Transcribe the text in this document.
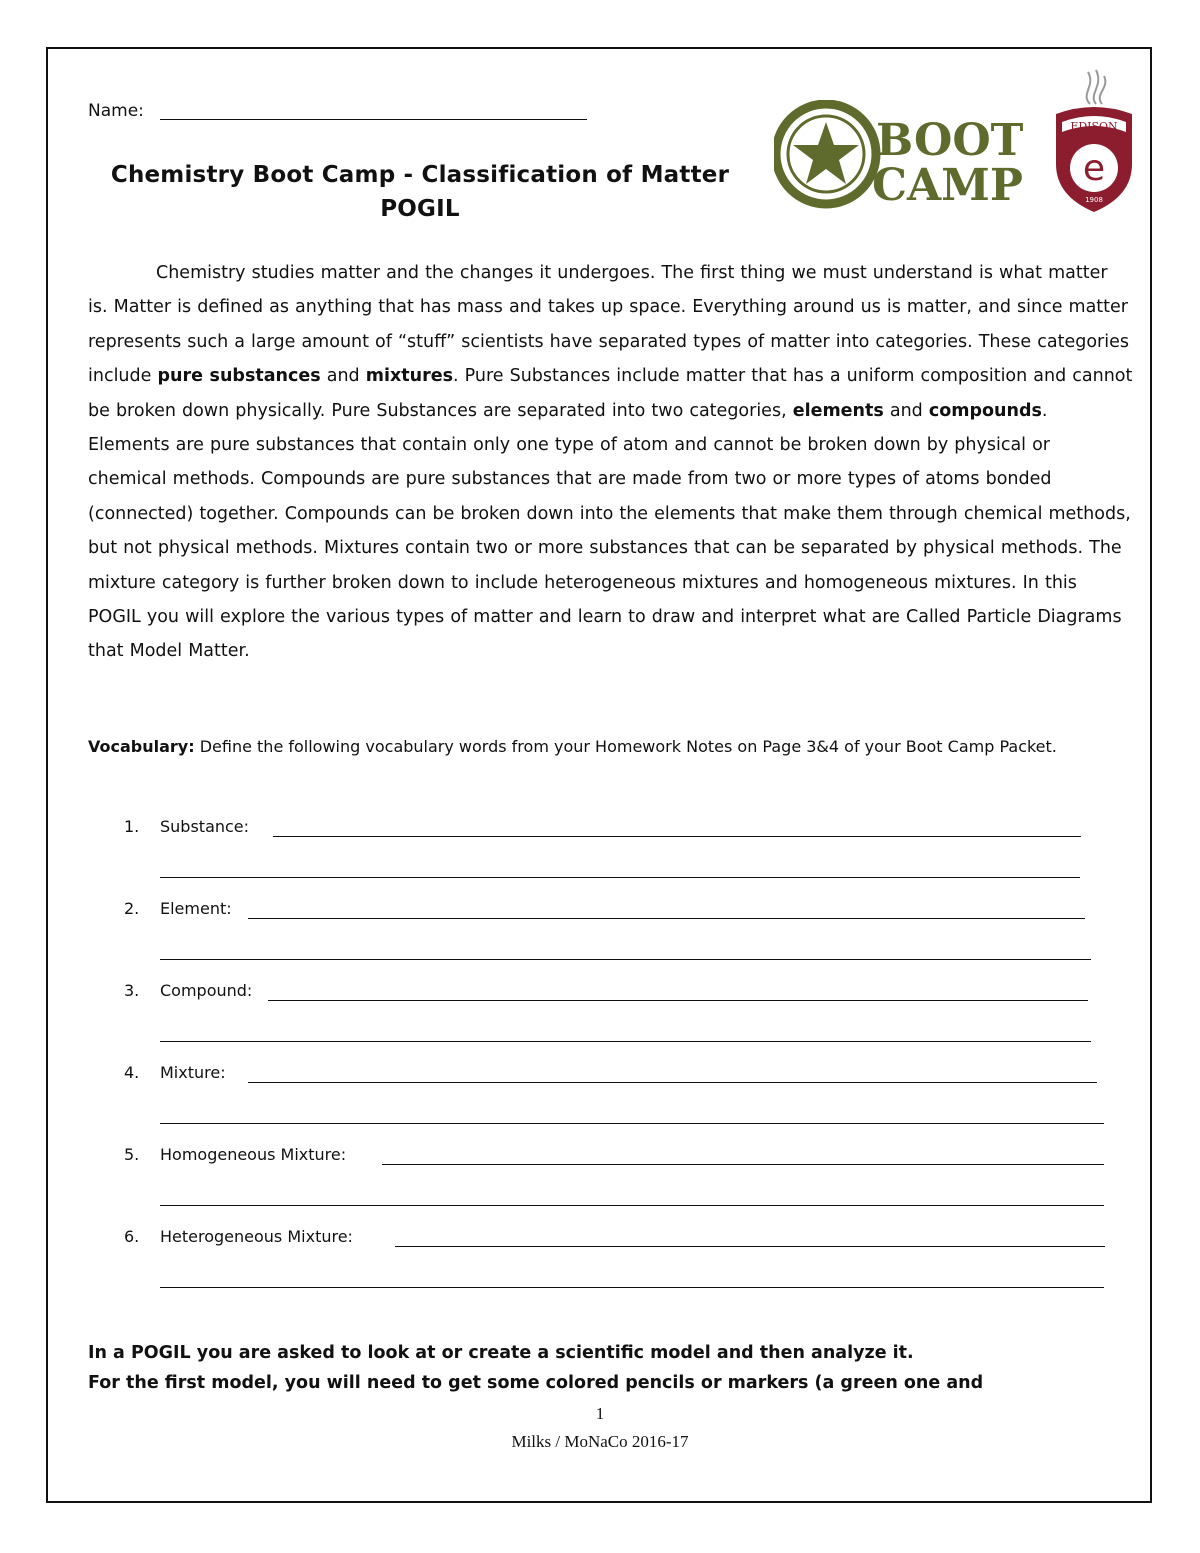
Name:
Chemistry Boot Camp - Classification of Matter
POGIL
BOOT
CAMP
EDISON
e
1908
Chemistry studies matter and the changes it undergoes. The first thing we must understand is what matter is. Matter is defined as anything that has mass and takes up space. Everything around us is matter, and since matter represents such a large amount of “stuff” scientists have separated types of matter into categories. These categories include pure substances and mixtures. Pure Substances include matter that has a uniform composition and cannot be broken down physically. Pure Substances are separated into two categories, elements and compounds. Elements are pure substances that contain only one type of atom and cannot be broken down by physical or chemical methods. Compounds are pure substances that are made from two or more types of atoms bonded (connected) together. Compounds can be broken down into the elements that make them through chemical methods, but not physical methods. Mixtures contain two or more substances that can be separated by physical methods. The mixture category is further broken down to include heterogeneous mixtures and homogeneous mixtures. In this POGIL you will explore the various types of matter and learn to draw and interpret what are Called Particle Diagrams that Model Matter.
Vocabulary: Define the following vocabulary words from your Homework Notes on Page 3&4 of your Boot Camp Packet.
1. Substance:
2. Element:
3. Compound:
4. Mixture:
5. Homogeneous Mixture:
6. Heterogeneous Mixture:
In a POGIL you are asked to look at or create a scientific model and then analyze it.
For the first model, you will need to get some colored pencils or markers (a green one and
1
Milks / MoNaCo 2016-17
